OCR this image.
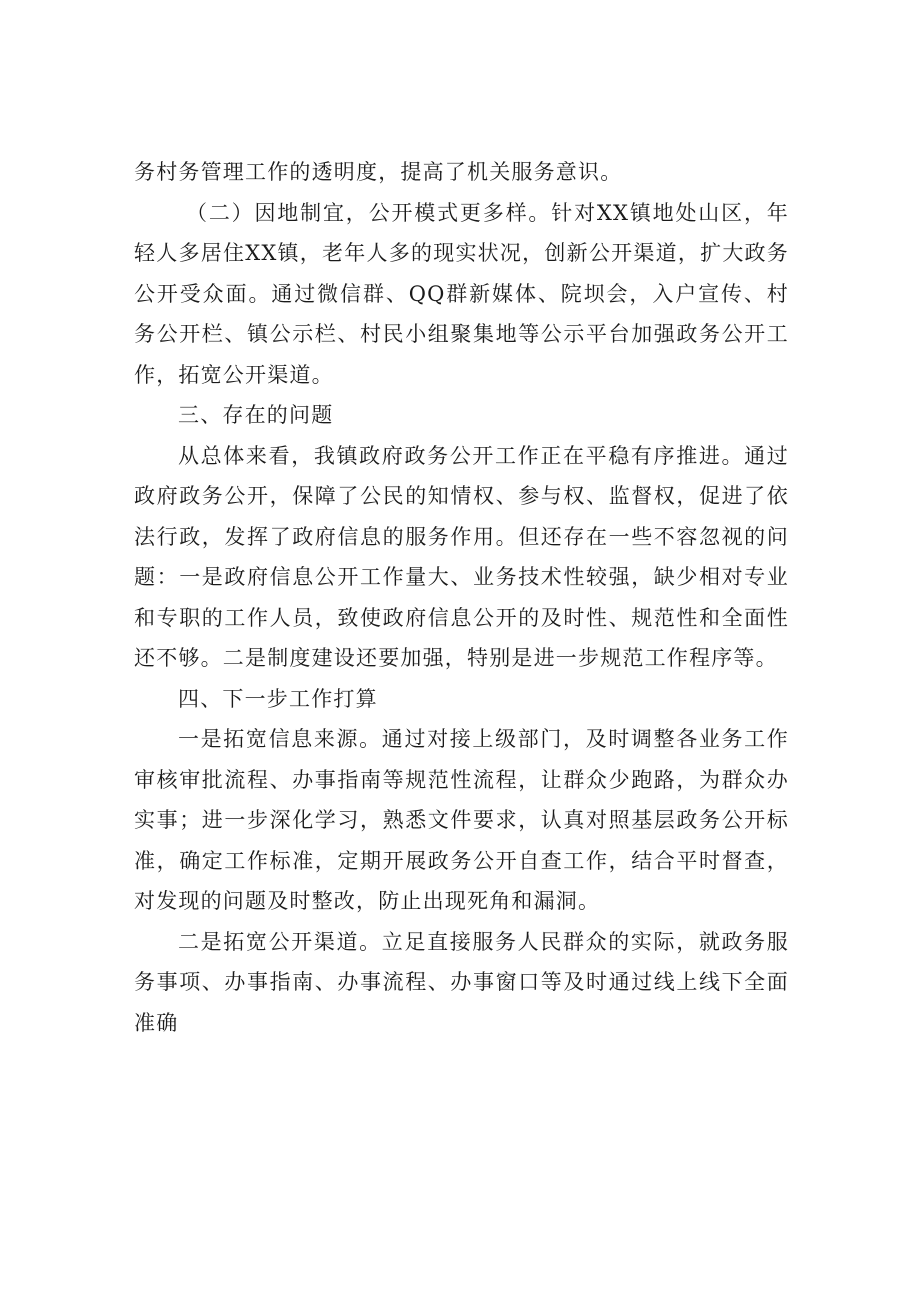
务村务管理工作的透明度，提高了机关服务意识。

（二）因地制宜，公开模式更多样。针对XX镇地处山区，年轻人多居住XX镇，老年人多的现实状况，创新公开渠道，扩大政务公开受众面。通过微信群、QQ群新媒体、院坝会，入户宣传、村务公开栏、镇公示栏、村民小组聚集地等公示平台加强政务公开工作，拓宽公开渠道。

三、存在的问题

从总体来看，我镇政府政务公开工作正在平稳有序推进。通过政府政务公开，保障了公民的知情权、参与权、监督权，促进了依法行政，发挥了政府信息的服务作用。但还存在一些不容忽视的问题：一是政府信息公开工作量大、业务技术性较强，缺少相对专业和专职的工作人员，致使政府信息公开的及时性、规范性和全面性还不够。二是制度建设还要加强，特别是进一步规范工作程序等。

四、下一步工作打算

一是拓宽信息来源。通过对接上级部门，及时调整各业务工作审核审批流程、办事指南等规范性流程，让群众少跑路，为群众办实事；进一步深化学习，熟悉文件要求，认真对照基层政务公开标准，确定工作标准，定期开展政务公开自查工作，结合平时督查，对发现的问题及时整改，防止出现死角和漏洞。

二是拓宽公开渠道。立足直接服务人民群众的实际，就政务服务事项、办事指南、办事流程、办事窗口等及时通过线上线下全面准确
